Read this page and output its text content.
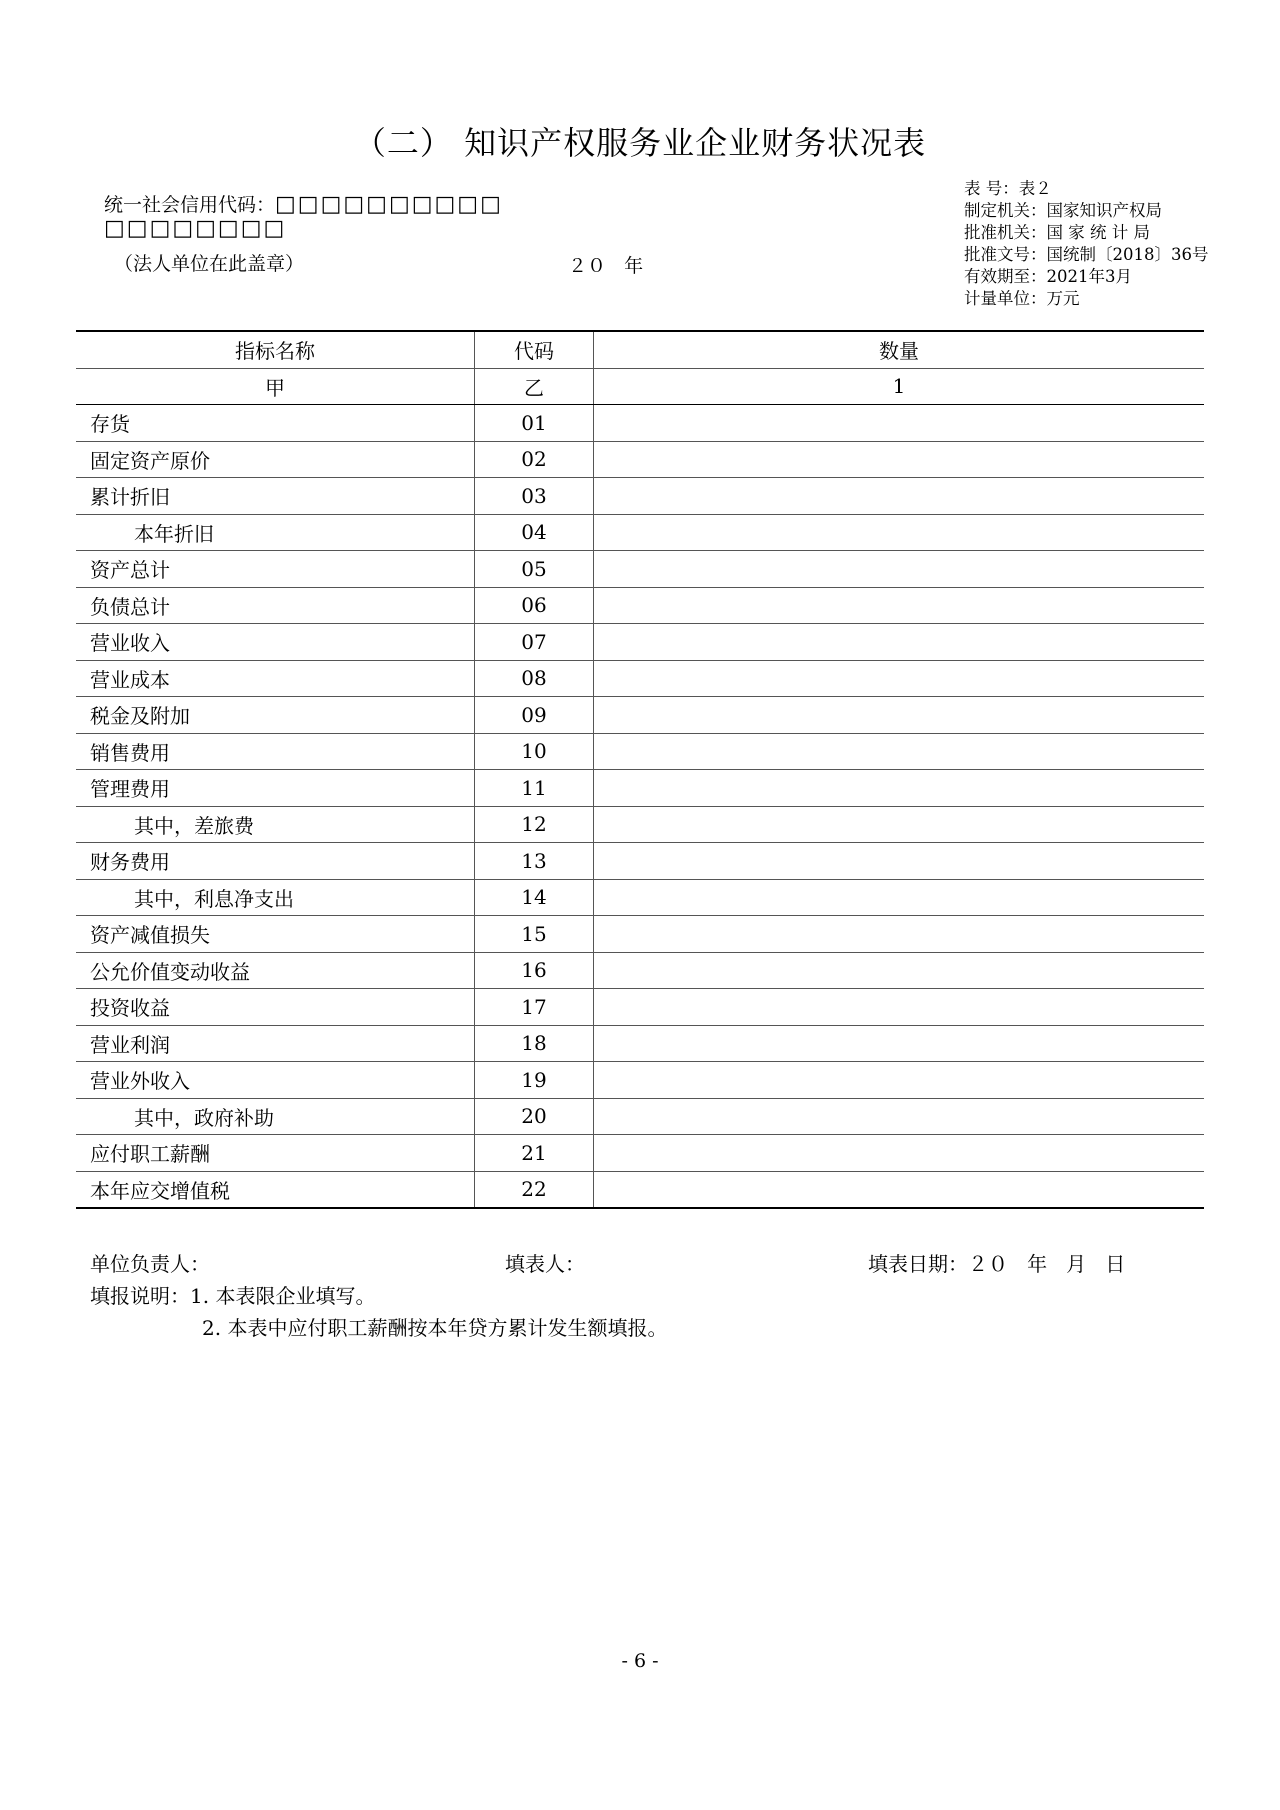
（二） 知识产权服务业企业财务状况表
统一社会信用代码：□□□□□□□□□□
□□□□□□□□
（法人单位在此盖章）	２０   年
表 号：表２
制定机关：国家知识产权局
批准机关：国 家 统 计 局
批准文号：国统制〔2018〕36号
有效期至：2021年3月
计量单位：万元
指标名称	代码	数量
甲	乙	1
存货	01	
固定资产原价	02	
累计折旧	03	
本年折旧	04	
资产总计	05	
负债总计	06	
营业收入	07	
营业成本	08	
税金及附加	09	
销售费用	10	
管理费用	11	
其中，差旅费	12	
财务费用	13	
其中，利息净支出	14	
资产减值损失	15	
公允价值变动收益	16	
投资收益	17	
营业利润	18	
营业外收入	19	
其中，政府补助	20	
应付职工薪酬	21	
本年应交增值税	22	
单位负责人：	填表人：	填表日期：２０   年   月   日
填报说明：1. 本表限企业填写。
2. 本表中应付职工薪酬按本年贷方累计发生额填报。
- 6 -
